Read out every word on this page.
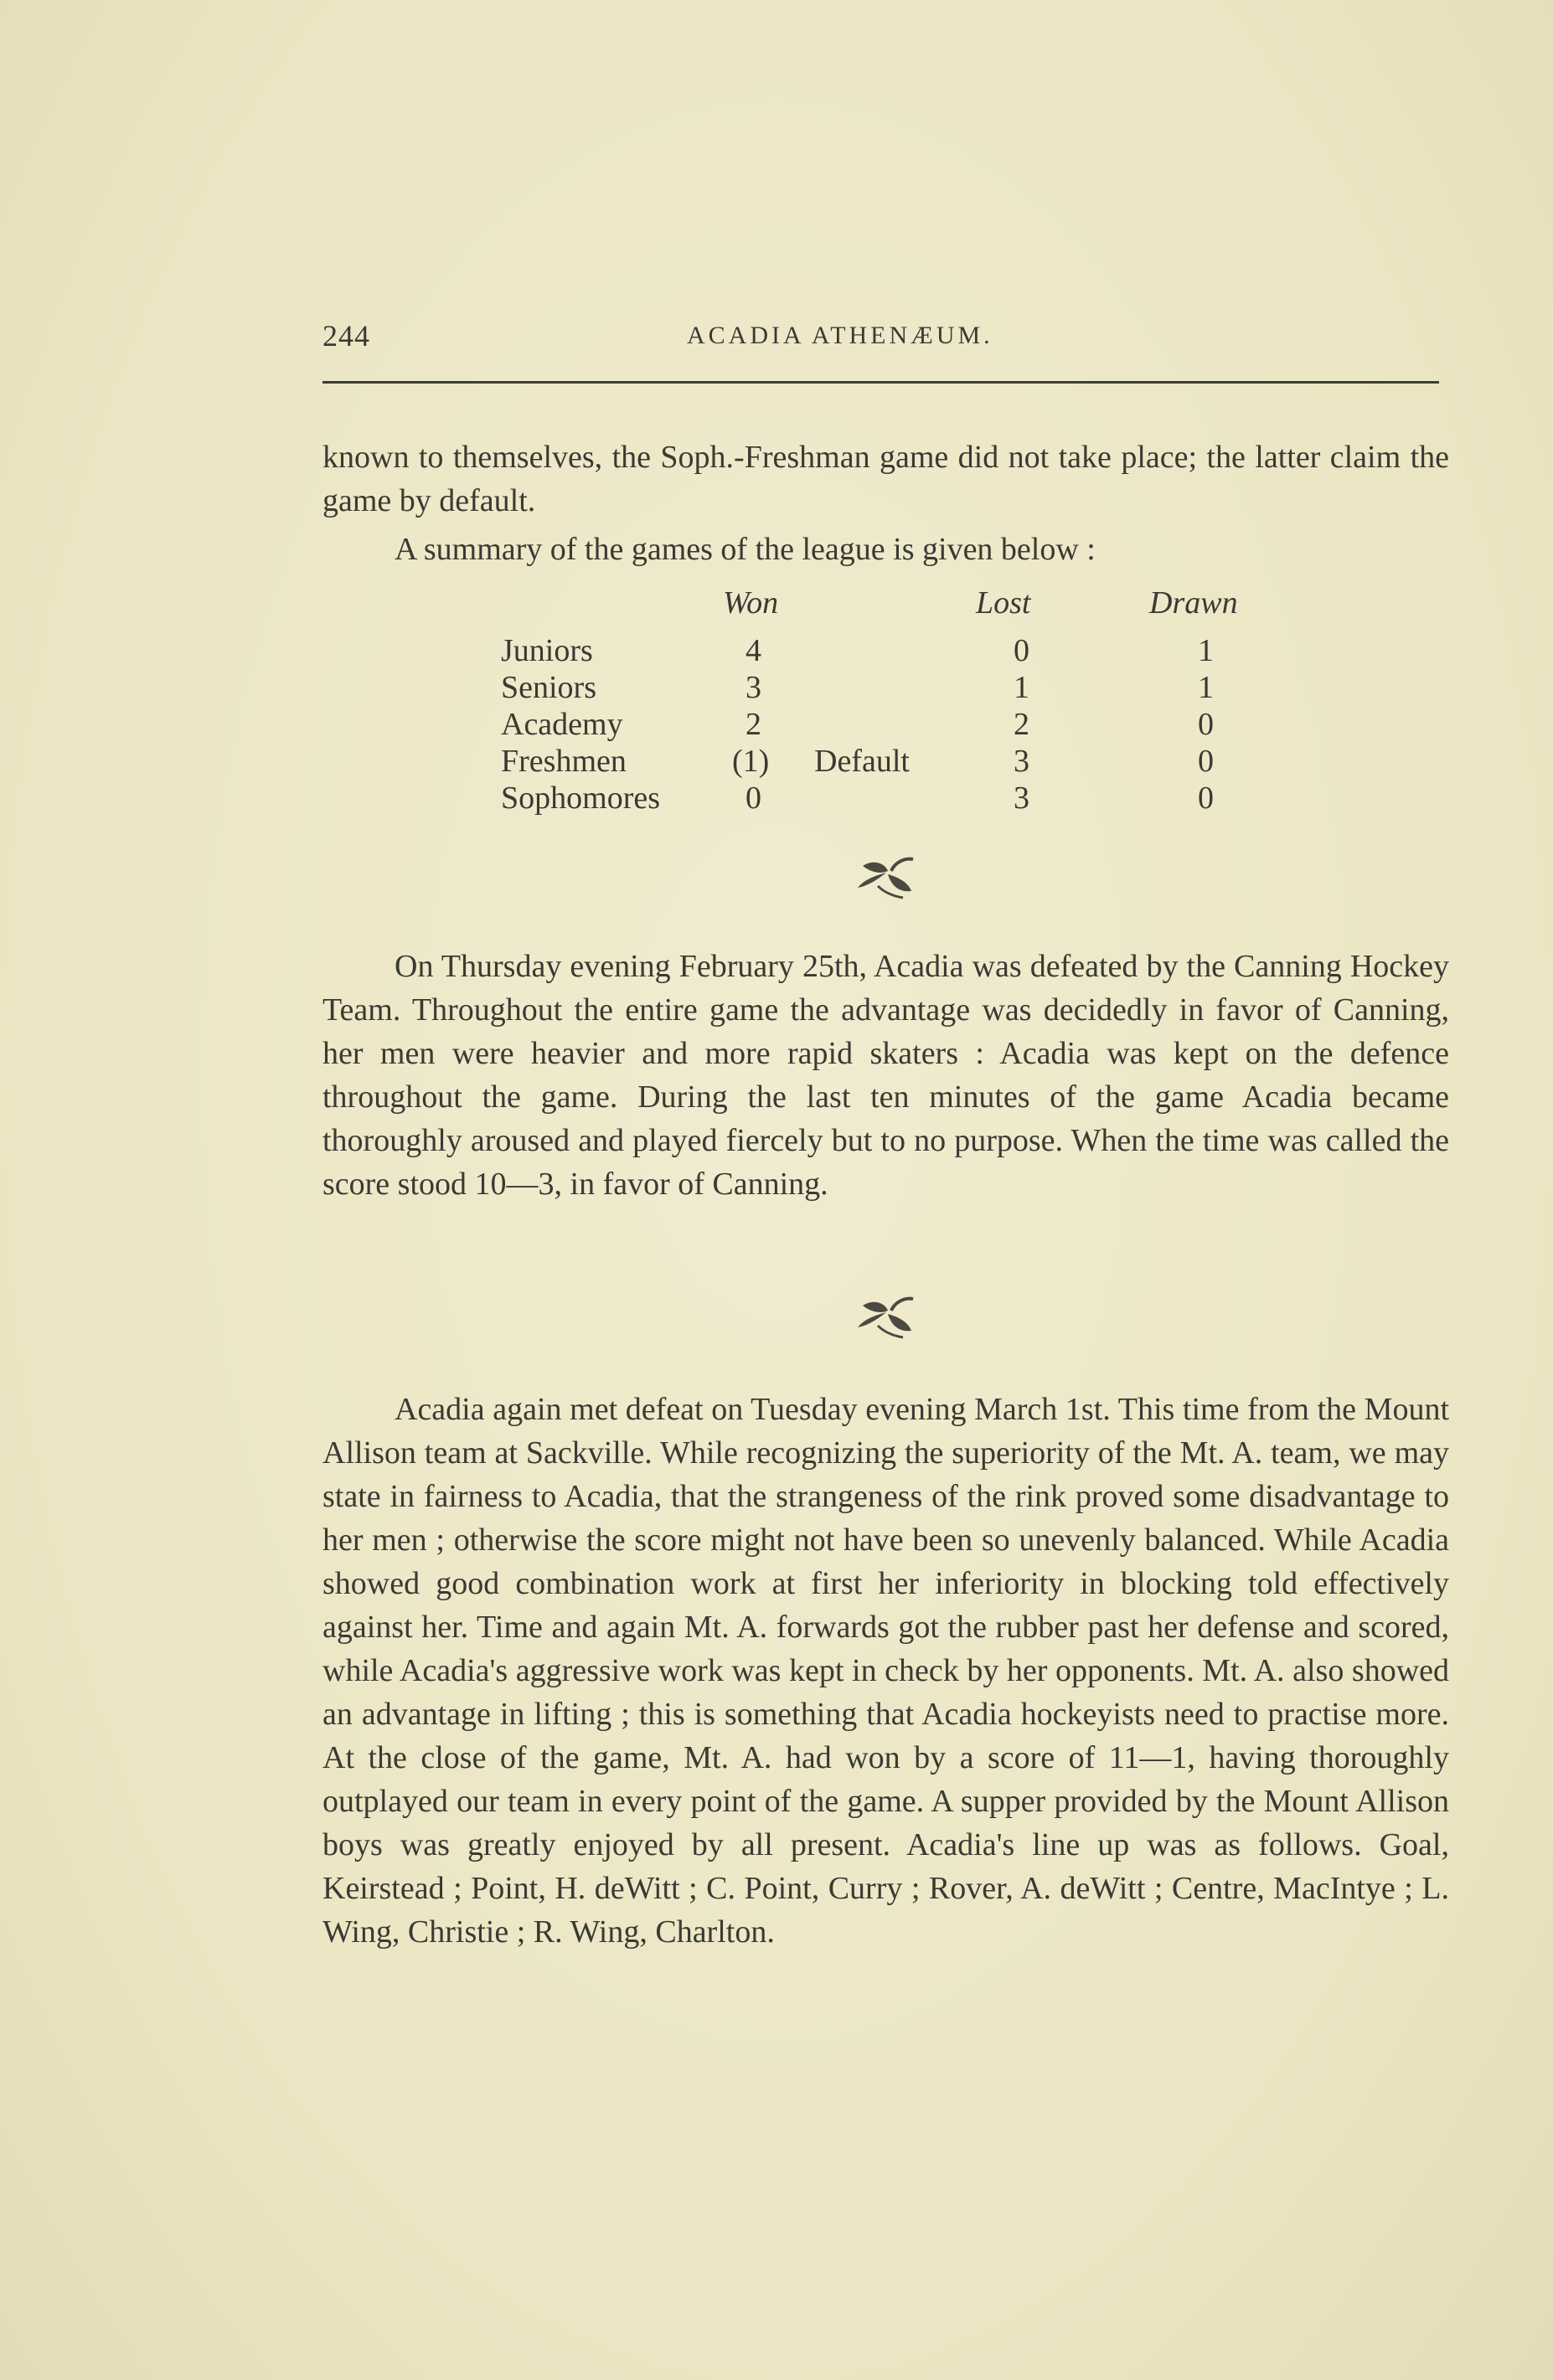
244	ACADIA ATHENÆUM.

known to themselves, the Soph.-Freshman game did not take place; the latter claim the game by default.

A summary of the games of the league is given below :

Won	Lost	Drawn
Juniors	4	0	1
Seniors	3	1	1
Academy	2	2	0
Freshmen	(1) Default	3	0
Sophomores	0	3	0

On Thursday evening February 25th, Acadia was defeated by the Canning Hockey Team. Throughout the entire game the advantage was decidedly in favor of Canning, her men were heavier and more rapid skaters : Acadia was kept on the defence throughout the game. During the last ten minutes of the game Acadia became thoroughly aroused and played fiercely but to no purpose. When the time was called the score stood 10—3, in favor of Canning.

Acadia again met defeat on Tuesday evening March 1st. This time from the Mount Allison team at Sackville. While recognizing the superiority of the Mt. A. team, we may state in fairness to Acadia, that the strangeness of the rink proved some disadvantage to her men ; otherwise the score might not have been so unevenly balanced. While Acadia showed good combination work at first her inferiority in blocking told effectively against her. Time and again Mt. A. forwards got the rubber past her defense and scored, while Acadia's aggressive work was kept in check by her opponents. Mt. A. also showed an advantage in lifting ; this is something that Acadia hockeyists need to practise more. At the close of the game, Mt. A. had won by a score of 11—1, having thoroughly outplayed our team in every point of the game. A supper provided by the Mount Allison boys was greatly enjoyed by all present. Acadia's line up was as follows. Goal, Keirstead ; Point, H. deWitt ; C. Point, Curry ; Rover, A. deWitt ; Centre, MacIntye ; L. Wing, Christie ; R. Wing, Charlton.
